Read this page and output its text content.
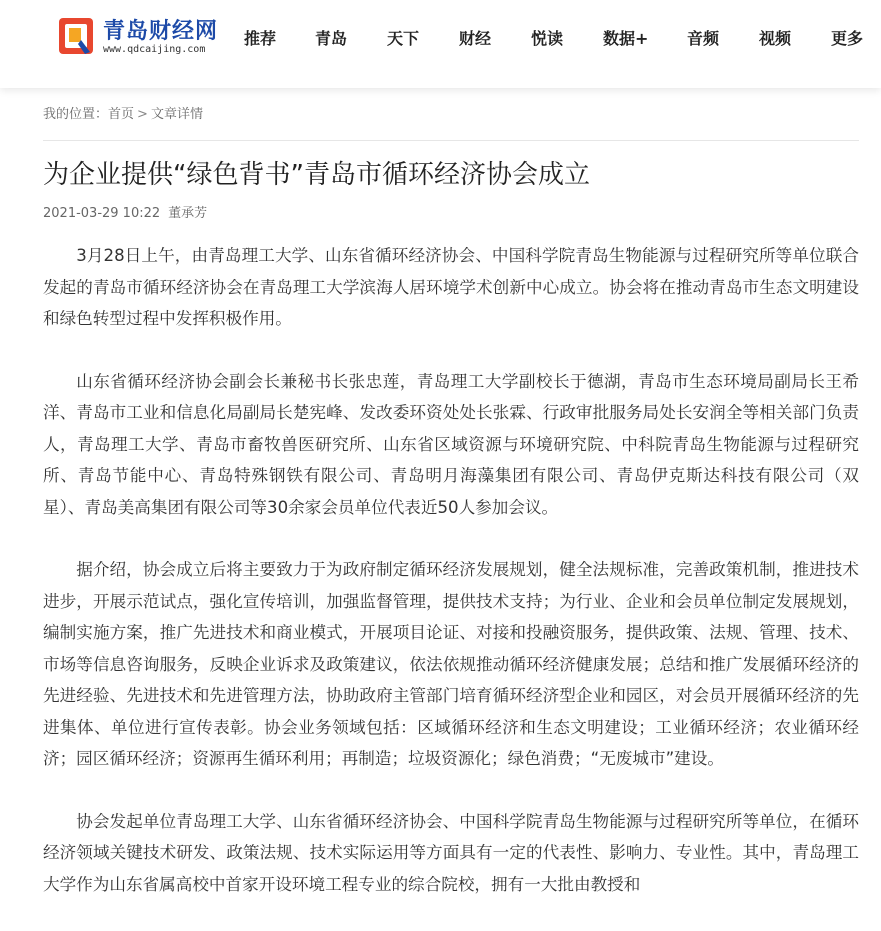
青岛财经网
www.qdcaijing.com
推荐 青岛 天下 财经 悦读 数据+ 音频 视频 更多
我的位置：首页 > 文章详情
为企业提供“绿色背书”青岛市循环经济协会成立
2021-03-29 10:22 董承芳

3月28日上午，由青岛理工大学、山东省循环经济协会、中国科学院青岛生物能源与过程研究所等单位联合发起的青岛市循环经济协会在青岛理工大学滨海人居环境学术创新中心成立。协会将在推动青岛市生态文明建设和绿色转型过程中发挥积极作用。

山东省循环经济协会副会长兼秘书长张忠莲，青岛理工大学副校长于德湖，青岛市生态环境局副局长王希洋、青岛市工业和信息化局副局长楚宪峰、发改委环资处处长张霖、行政审批服务局处长安润全等相关部门负责人，青岛理工大学、青岛市畜牧兽医研究所、山东省区域资源与环境研究院、中科院青岛生物能源与过程研究所、青岛节能中心、青岛特殊钢铁有限公司、青岛明月海藻集团有限公司、青岛伊克斯达科技有限公司（双星）、青岛美高集团有限公司等30余家会员单位代表近50人参加会议。

据介绍，协会成立后将主要致力于为政府制定循环经济发展规划，健全法规标准，完善政策机制，推进技术进步，开展示范试点，强化宣传培训，加强监督管理，提供技术支持；为行业、企业和会员单位制定发展规划，编制实施方案，推广先进技术和商业模式，开展项目论证、对接和投融资服务，提供政策、法规、管理、技术、市场等信息咨询服务，反映企业诉求及政策建议，依法依规推动循环经济健康发展；总结和推广发展循环经济的先进经验、先进技术和先进管理方法，协助政府主管部门培育循环经济型企业和园区，对会员开展循环经济的先进集体、单位进行宣传表彰。协会业务领域包括：区域循环经济和生态文明建设；工业循环经济；农业循环经济；园区循环经济；资源再生循环利用；再制造；垃圾资源化；绿色消费；“无废城市”建设。

协会发起单位青岛理工大学、山东省循环经济协会、中国科学院青岛生物能源与过程研究所等单位，在循环经济领域关键技术研发、政策法规、技术实际运用等方面具有一定的代表性、影响力、专业性。其中，青岛理工大学作为山东省属高校中首家开设环境工程专业的综合院校，拥有一大批由教授和
